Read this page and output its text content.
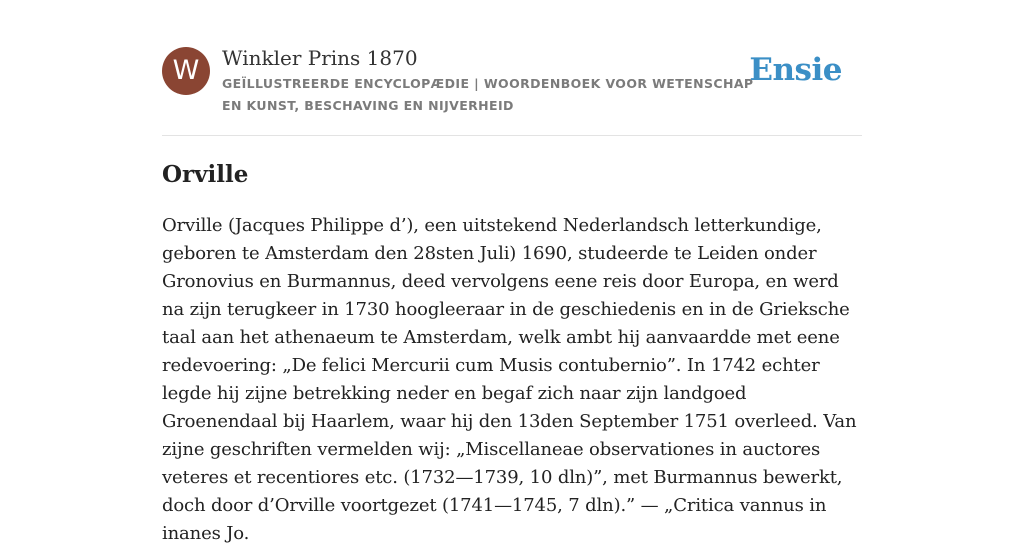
W	Winkler Prins 1870
GEÏLLUSTREERDE ENCYCLOPÆDIE | WOORDENBOEK VOOR WETENSCHAP EN KUNST, BESCHAVING EN NIJVERHEID
Ensie
Orville

Orville (Jacques Philippe d’), een uitstekend Nederlandsch letterkundige, geboren te Amsterdam den 28sten Juli) 1690, studeerde te Leiden onder Gronovius en Burmannus, deed vervolgens eene reis door Europa, en werd na zijn terugkeer in 1730 hoogleeraar in de geschiedenis en in de Grieksche taal aan het athenaeum te Amsterdam, welk ambt hij aanvaardde met eene redevoering: „De felici Mercurii cum Musis contubernio”. In 1742 echter legde hij zijne betrekking neder en begaf zich naar zijn landgoed Groenendaal bij Haarlem, waar hij den 13den September 1751 overleed. Van zijne geschriften vermelden wij: „Miscellaneae observationes in auctores veteres et recentiores etc. (1732—1739, 10 dln)”, met Burmannus bewerkt, doch door d’Orville voortgezet (1741—1745, 7 dln).” — „Critica vannus in inanes Jo.
